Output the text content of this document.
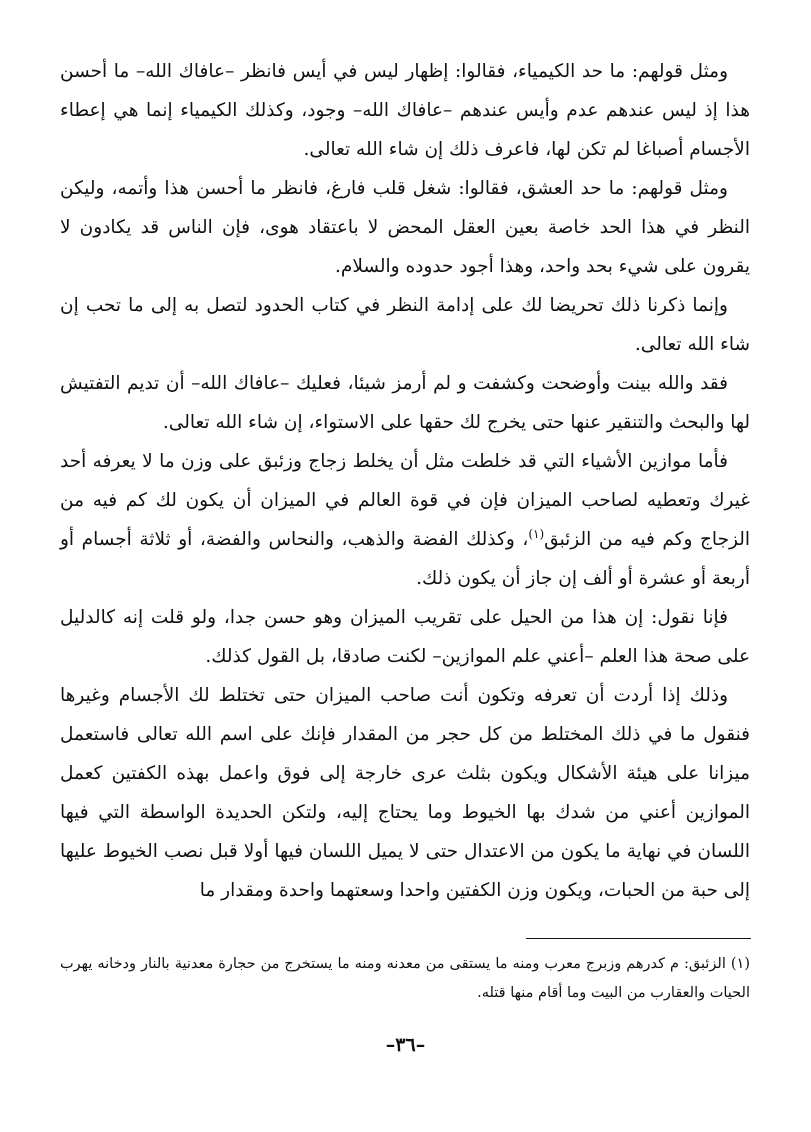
ومثل قولهم: ما حد الكيمياء، فقالوا: إظهار ليس في أيس فانظر –عافاك الله– ما أحسن هذا إذ ليس عندهم عدم وأيس عندهم –عافاك الله– وجود، وكذلك الكيمياء إنما هي إعطاء الأجسام أصباغا لم تكن لها، فاعرف ذلك إن شاء الله تعالى.

ومثل قولهم: ما حد العشق، فقالوا: شغل قلب فارغ، فانظر ما أحسن هذا وأتمه، وليكن النظر في هذا الحد خاصة بعين العقل المحض لا باعتقاد هوى، فإن الناس قد يكادون لا يقرون على شيء بحد واحد، وهذا أجود حدوده والسلام.

وإنما ذكرنا ذلك تحريضا لك على إدامة النظر في كتاب الحدود لتصل به إلى ما تحب إن شاء الله تعالى.

فقد والله بينت وأوضحت وكشفت و لم أرمز شيئا، فعليك –عافاك الله– أن تديم التفتيش لها والبحث والتنقير عنها حتى يخرج لك حقها على الاستواء، إن شاء الله تعالى.

فأما موازين الأشياء التي قد خلطت مثل أن يخلط زجاج وزئبق على وزن ما لا يعرفه أحد غيرك وتعطيه لصاحب الميزان فإن في قوة العالم في الميزان أن يكون لك كم فيه من الزجاج وكم فيه من الزئبق$^{(١)}$، وكذلك الفضة والذهب، والنحاس والفضة، أو ثلاثة أجسام أو أربعة أو عشرة أو ألف إن جاز أن يكون ذلك.

فإنا نقول: إن هذا من الحيل على تقريب الميزان وهو حسن جدا، ولو قلت إنه كالدليل على صحة هذا العلم –أعني علم الموازين– لكنت صادقا، بل القول كذلك.

وذلك إذا أردت أن تعرفه وتكون أنت صاحب الميزان حتى تختلط لك الأجسام وغيرها فنقول ما في ذلك المختلط من كل حجر من المقدار فإنك على اسم الله تعالى فاستعمل ميزانا على هيئة الأشكال ويكون بثلث عرى خارجة إلى فوق واعمل بهذه الكفتين كعمل الموازين أعني من شدك بها الخيوط وما يحتاج إليه، ولتكن الحديدة الواسطة التي فيها اللسان في نهاية ما يكون من الاعتدال حتى لا يميل اللسان فيها أولا قبل نصب الخيوط عليها إلى حبة من الحبات، ويكون وزن الكفتين واحدا وسعتهما واحدة ومقدار ما

(١) الزئبق: م كدرهم وزبرج معرب ومنه ما يستقى من معدنه ومنه ما يستخرج من حجارة معدنية بالنار ودخانه يهرب الحيات والعقارب من البيت وما أقام منها قتله.

–٣٦–
